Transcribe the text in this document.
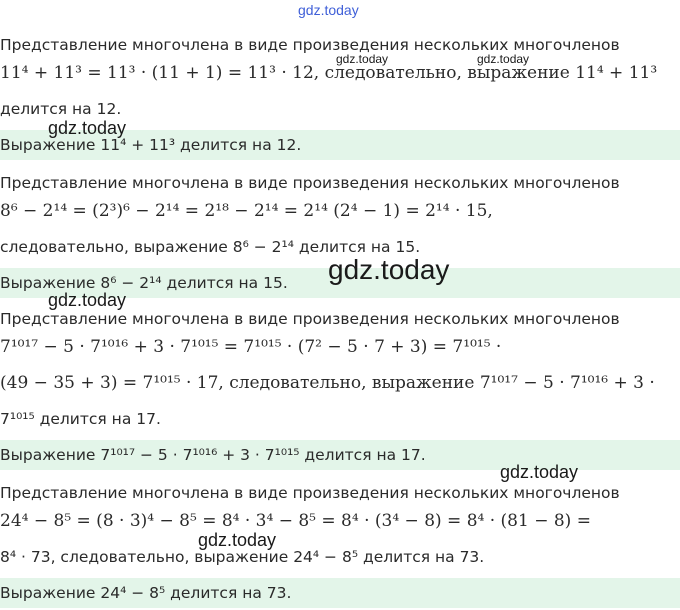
Представление многочлена в виде произведения нескольких многочленов
11⁴ + 11³ = 11³ · (11 + 1) = 11³ · 12, следовательно, выражение 11⁴ + 11³
делится на 12.
Выражение 11⁴ + 11³ делится на 12.
Представление многочлена в виде произведения нескольких многочленов
8⁶ − 2¹⁴ = (2³)⁶ − 2¹⁴ = 2¹⁸ − 2¹⁴ = 2¹⁴ (2⁴ − 1) = 2¹⁴ · 15,
следовательно, выражение 8⁶ − 2¹⁴ делится на 15.
Выражение 8⁶ − 2¹⁴ делится на 15.
Представление многочлена в виде произведения нескольких многочленов
7¹⁰¹⁷ − 5 · 7¹⁰¹⁶ + 3 · 7¹⁰¹⁵ = 7¹⁰¹⁵ · (7² − 5 · 7 + 3) = 7¹⁰¹⁵ ·
(49 − 35 + 3) = 7¹⁰¹⁵ · 17, следовательно, выражение 7¹⁰¹⁷ − 5 · 7¹⁰¹⁶ + 3 ·
7¹⁰¹⁵ делится на 17.
Выражение 7¹⁰¹⁷ − 5 · 7¹⁰¹⁶ + 3 · 7¹⁰¹⁵ делится на 17.
Представление многочлена в виде произведения нескольких многочленов
24⁴ − 8⁵ = (8 · 3)⁴ − 8⁵ = 8⁴ · 3⁴ − 8⁵ = 8⁴ · (3⁴ − 8) = 8⁴ · (81 − 8) =
8⁴ · 73, следовательно, выражение 24⁴ − 8⁵ делится на 73.
Выражение 24⁴ − 8⁵ делится на 73.
gdz.today
gdz.today	gdz.today
gdz.today
gdz.today
gdz.today
gdz.today
gdz.today
